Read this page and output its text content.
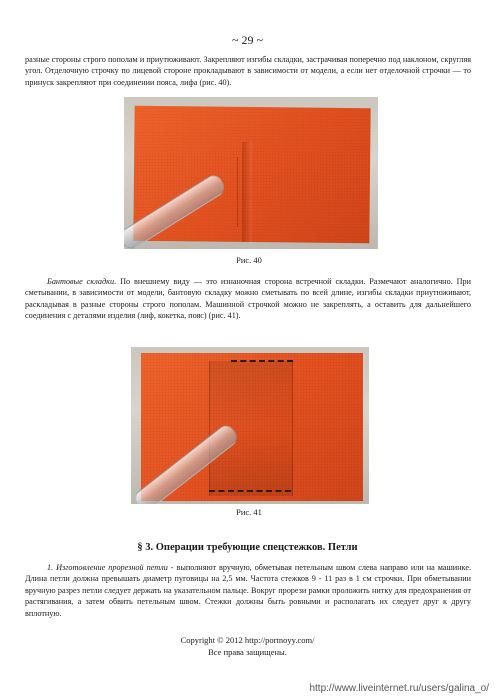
~ 29 ~

разные стороны строго пополам и приутюживают. Закрепляют изгибы складки, застрачивая поперечно под наклоном, скругляя угол. Отделочную строчку по лицевой стороне прокладывают в зависимости от модели, а если нет отделочной строчки — то принуск закрепляют при соединении пояса, лифа (рис. 40).

Рис. 40

Бантовые складки. По внешнему виду — это изнаночная сторона встречной складки. Размечают аналогично. При сметывании, в зависимости от модели, бантовую складку можно сметывать по всей длине, изгибы складки приутюживают, раскладывая в разные стороны строго пополам. Машинной строчкой можно не закреплять, а оставить для дальнейшего соединения с деталями изделия (лиф, кокетка, пояс) (рис. 41).

Рис. 41
§ 3. Операции требующие спецстежков. Петли

1. Изготовление прорезной петли - выполняют вручную, обметывая петельным швом слева направо или на машинке. Длина петли должна превышать диаметр пуговицы на 2,5 мм. Частота стежков 9 - 11 раз в 1 см строчки. При обметывании вручную разрез петли следует держать на указательном пальце. Вокруг прорези рамки проложить нитку для предохранения от растягивания, а затем обвить петельным швом. Стежки должны быть ровными и располагать их следует друг к другу вплотную.

Copyright © 2012 http://portnoyy.com/
Все права защищены.
http://www.liveinternet.ru/users/galina_o/
